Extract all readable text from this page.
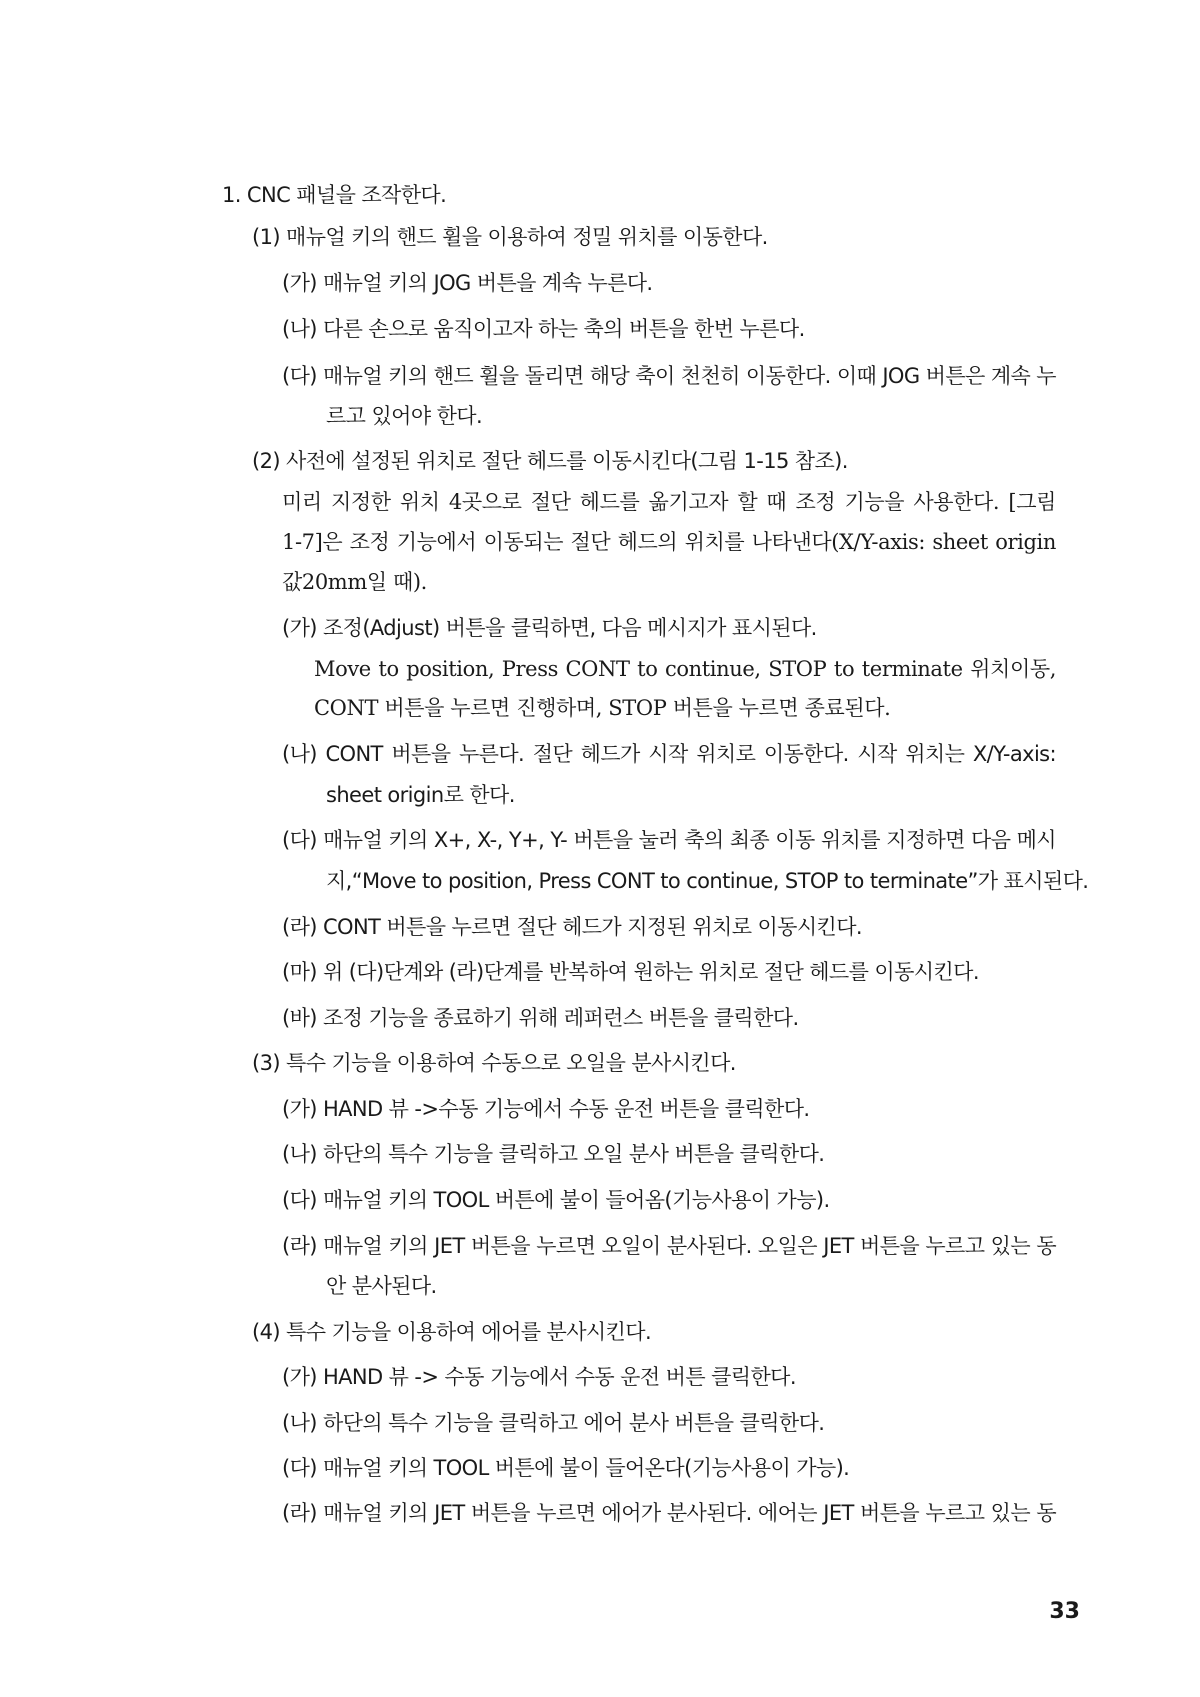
1. CNC 패널을 조작한다.
(1) 매뉴얼 키의 핸드 휠을 이용하여 정밀 위치를 이동한다.
(가) 매뉴얼 키의 JOG 버튼을 계속 누른다.
(나) 다른 손으로 움직이고자 하는 축의 버튼을 한번 누른다.
(다) 매뉴얼 키의 핸드 휠을 돌리면 해당 축이 천천히 이동한다. 이때 JOG 버튼은 계속 누
르고 있어야 한다.
(2) 사전에 설정된 위치로 절단 헤드를 이동시킨다(그림 1-15 참조).
미리 지정한 위치 4곳으로 절단 헤드를 옮기고자 할 때 조정 기능을 사용한다. [그림
1-7]은 조정 기능에서 이동되는 절단 헤드의 위치를 나타낸다(X/Y-axis: sheet origin
값20mm일 때).
(가) 조정(Adjust) 버튼을 클릭하면, 다음 메시지가 표시된다.
Move to position, Press CONT to continue, STOP to terminate 위치이동,
CONT 버튼을 누르면 진행하며, STOP 버튼을 누르면 종료된다.
(나) CONT 버튼을 누른다. 절단 헤드가 시작 위치로 이동한다. 시작 위치는 X/Y-axis:
sheet origin로 한다.
(다) 매뉴얼 키의 X+, X-, Y+, Y- 버튼을 눌러 축의 최종 이동 위치를 지정하면 다음 메시
지,“Move to position, Press CONT to continue, STOP to terminate”가 표시된다.
(라) CONT 버튼을 누르면 절단 헤드가 지정된 위치로 이동시킨다.
(마) 위 (다)단계와 (라)단계를 반복하여 원하는 위치로 절단 헤드를 이동시킨다.
(바) 조정 기능을 종료하기 위해 레퍼런스 버튼을 클릭한다.
(3) 특수 기능을 이용하여 수동으로 오일을 분사시킨다.
(가) HAND 뷰 ->수동 기능에서 수동 운전 버튼을 클릭한다.
(나) 하단의 특수 기능을 클릭하고 오일 분사 버튼을 클릭한다.
(다) 매뉴얼 키의 TOOL 버튼에 불이 들어옴(기능사용이 가능).
(라) 매뉴얼 키의 JET 버튼을 누르면 오일이 분사된다. 오일은 JET 버튼을 누르고 있는 동
안 분사된다.
(4) 특수 기능을 이용하여 에어를 분사시킨다.
(가) HAND 뷰 -> 수동 기능에서 수동 운전 버튼 클릭한다.
(나) 하단의 특수 기능을 클릭하고 에어 분사 버튼을 클릭한다.
(다) 매뉴얼 키의 TOOL 버튼에 불이 들어온다(기능사용이 가능).
(라) 매뉴얼 키의 JET 버튼을 누르면 에어가 분사된다. 에어는 JET 버튼을 누르고 있는 동
33
